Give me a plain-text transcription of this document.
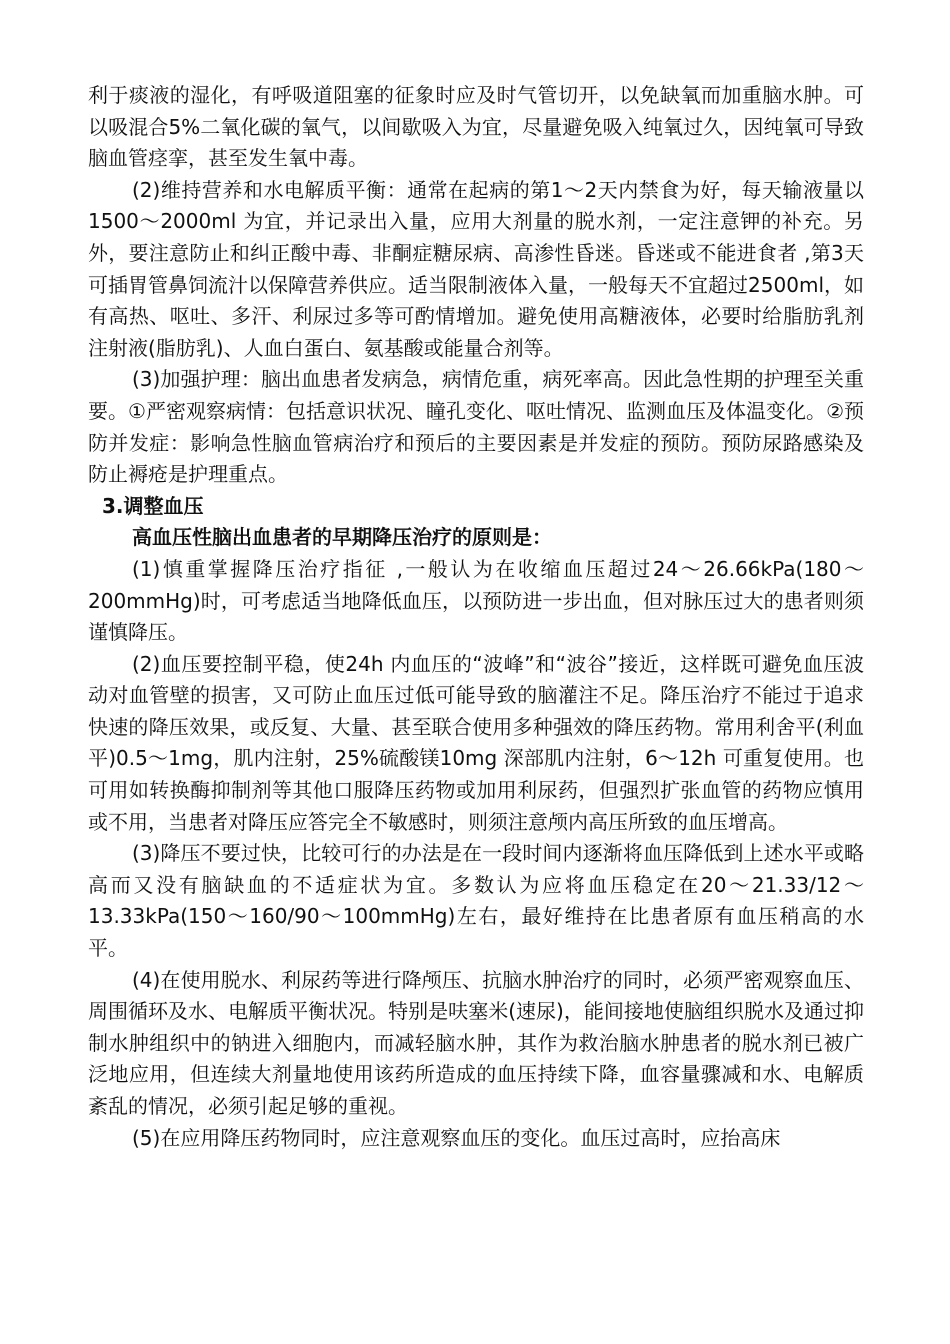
利于痰液的湿化，有呼吸道阻塞的征象时应及时气管切开，以免缺氧而加重脑水肿。可以吸混合5%二氧化碳的氧气，以间歇吸入为宜，尽量避免吸入纯氧过久，因纯氧可导致脑血管痉挛，甚至发生氧中毒。

(2)维持营养和水电解质平衡：通常在起病的第1～2天内禁食为好，每天输液量以1500～2000ml 为宜，并记录出入量，应用大剂量的脱水剂，一定注意钾的补充。另外，要注意防止和纠正酸中毒、非酮症糖尿病、高渗性昏迷。昏迷或不能进食者 ,第3天可插胃管鼻饲流汁以保障营养供应。适当限制液体入量，一般每天不宜超过2500ml，如有高热、呕吐、多汗、利尿过多等可酌情增加。避免使用高糖液体，必要时给脂肪乳剂注射液(脂肪乳)、人血白蛋白、氨基酸或能量合剂等。

(3)加强护理：脑出血患者发病急，病情危重，病死率高。因此急性期的护理至关重要。①严密观察病情：包括意识状况、瞳孔变化、呕吐情况、监测血压及体温变化。②预防并发症：影响急性脑血管病治疗和预后的主要因素是并发症的预防。预防尿路感染及防止褥疮是护理重点。

3.调整血压

高血压性脑出血患者的早期降压治疗的原则是：

(1)慎重掌握降压治疗指征 ,一般认为在收缩血压超过24～26.66kPa(180～200mmHg)时，可考虑适当地降低血压，以预防进一步出血，但对脉压过大的患者则须谨慎降压。

(2)血压要控制平稳，使24h 内血压的“波峰”和“波谷”接近，这样既可避免血压波动对血管壁的损害，又可防止血压过低可能导致的脑灌注不足。降压治疗不能过于追求快速的降压效果，或反复、大量、甚至联合使用多种强效的降压药物。常用利舍平(利血平)0.5～1mg，肌内注射，25%硫酸镁10mg 深部肌内注射，6～12h 可重复使用。也可用如转换酶抑制剂等其他口服降压药物或加用利尿药，但强烈扩张血管的药物应慎用或不用，当患者对降压应答完全不敏感时，则须注意颅内高压所致的血压增高。

(3)降压不要过快，比较可行的办法是在一段时间内逐渐将血压降低到上述水平或略高而又没有脑缺血的不适症状为宜。多数认为应将血压稳定在20～21.33/12～13.33kPa(150～160/90～100mmHg)左右，最好维持在比患者原有血压稍高的水平。

(4)在使用脱水、利尿药等进行降颅压、抗脑水肿治疗的同时，必须严密观察血压、周围循环及水、电解质平衡状况。特别是呋塞米(速尿)，能间接地使脑组织脱水及通过抑制水肿组织中的钠进入细胞内，而减轻脑水肿，其作为救治脑水肿患者的脱水剂已被广泛地应用，但连续大剂量地使用该药所造成的血压持续下降，血容量骤减和水、电解质紊乱的情况，必须引起足够的重视。

(5)在应用降压药物同时，应注意观察血压的变化。血压过高时，应抬高床
